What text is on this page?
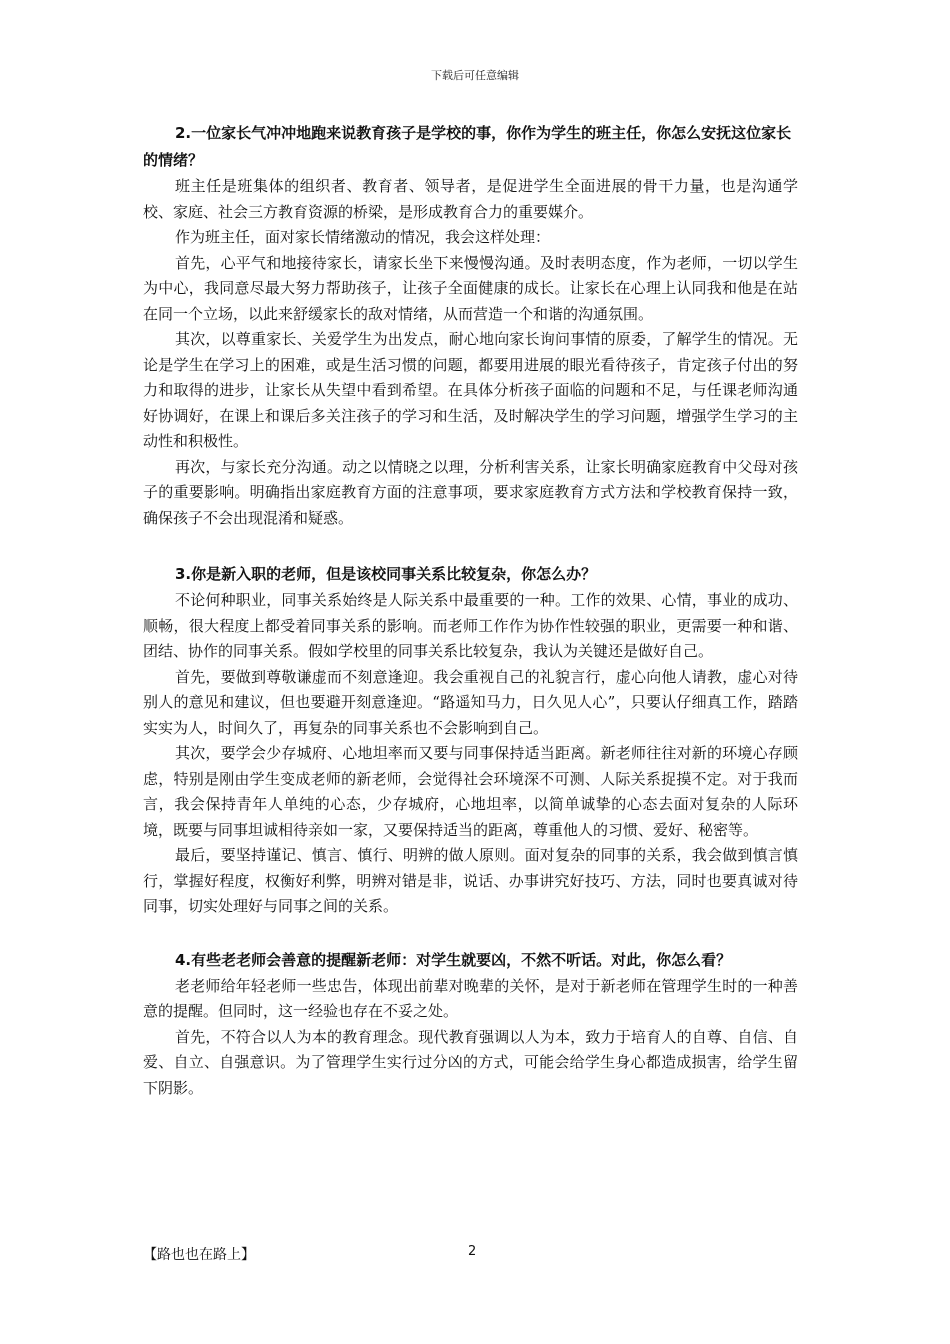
下载后可任意编辑

2.一位家长气冲冲地跑来说教育孩子是学校的事，你作为学生的班主任，你怎么安抚这位家长的情绪？

班主任是班集体的组织者、教育者、领导者，是促进学生全面进展的骨干力量，也是沟通学校、家庭、社会三方教育资源的桥梁，是形成教育合力的重要媒介。

作为班主任，面对家长情绪激动的情况，我会这样处理：

首先，心平气和地接待家长，请家长坐下来慢慢沟通。及时表明态度，作为老师，一切以学生为中心，我同意尽最大努力帮助孩子，让孩子全面健康的成长。让家长在心理上认同我和他是在站在同一个立场，以此来舒缓家长的敌对情绪，从而营造一个和谐的沟通氛围。

其次，以尊重家长、关爱学生为出发点，耐心地向家长询问事情的原委，了解学生的情况。无论是学生在学习上的困难，或是生活习惯的问题，都要用进展的眼光看待孩子，肯定孩子付出的努力和取得的进步，让家长从失望中看到希望。在具体分析孩子面临的问题和不足，与任课老师沟通好协调好，在课上和课后多关注孩子的学习和生活，及时解决学生的学习问题，增强学生学习的主动性和积极性。

再次，与家长充分沟通。动之以情晓之以理，分析利害关系，让家长明确家庭教育中父母对孩子的重要影响。明确指出家庭教育方面的注意事项，要求家庭教育方式方法和学校教育保持一致，确保孩子不会出现混淆和疑惑。

3.你是新入职的老师，但是该校同事关系比较复杂，你怎么办？

不论何种职业，同事关系始终是人际关系中最重要的一种。工作的效果、心情，事业的成功、顺畅，很大程度上都受着同事关系的影响。而老师工作作为协作性较强的职业，更需要一种和谐、团结、协作的同事关系。假如学校里的同事关系比较复杂，我认为关键还是做好自己。

首先，要做到尊敬谦虚而不刻意逢迎。我会重视自己的礼貌言行，虚心向他人请教，虚心对待别人的意见和建议，但也要避开刻意逢迎。“路遥知马力，日久见人心”，只要认仔细真工作，踏踏实实为人，时间久了，再复杂的同事关系也不会影响到自己。

其次，要学会少存城府、心地坦率而又要与同事保持适当距离。新老师往往对新的环境心存顾虑，特别是刚由学生变成老师的新老师，会觉得社会环境深不可测、人际关系捉摸不定。对于我而言，我会保持青年人单纯的心态，少存城府，心地坦率，以简单诚挚的心态去面对复杂的人际环境，既要与同事坦诚相待亲如一家，又要保持适当的距离，尊重他人的习惯、爱好、秘密等。

最后，要坚持谨记、慎言、慎行、明辨的做人原则。面对复杂的同事的关系，我会做到慎言慎行，掌握好程度，权衡好利弊，明辨对错是非，说话、办事讲究好技巧、方法，同时也要真诚对待同事，切实处理好与同事之间的关系。

4.有些老老师会善意的提醒新老师：对学生就要凶，不然不听话。对此，你怎么看？

老老师给年轻老师一些忠告，体现出前辈对晚辈的关怀，是对于新老师在管理学生时的一种善意的提醒。但同时，这一经验也存在不妥之处。

首先，不符合以人为本的教育理念。现代教育强调以人为本，致力于培育人的自尊、自信、自爱、自立、自强意识。为了管理学生实行过分凶的方式，可能会给学生身心都造成损害，给学生留下阴影。

【路也也在路上】	2
